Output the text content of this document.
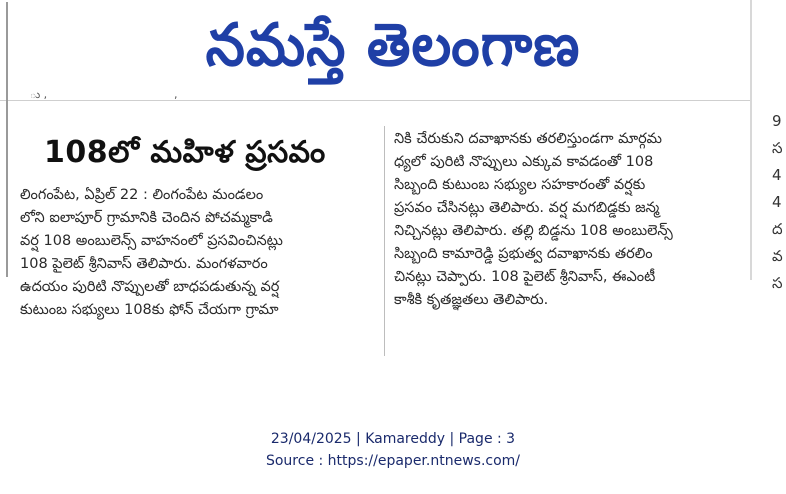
నమస్తే తెలంగాణ
ు ,	,
108లో మహిళ ప్రసవం
లింగంపేట, ఏప్రిల్ 22 : లింగంపేట మండలం
లోని ఐలాపూర్ గ్రామానికి చెందిన పోచమ్మకాడి
వర్ష 108 అంబులెన్స్ వాహనంలో ప్రసవించినట్లు
108 పైలెట్ శ్రీనివాస్ తెలిపారు. మంగళవారం
ఉదయం పురిటి నొప్పులతో బాధపడుతున్న వర్ష
కుటుంబ సభ్యులు 108కు ఫోన్ చేయగా గ్రామా
నికి చేరుకుని దవాఖానకు తరలిస్తుండగా మార్గమ
ధ్యలో పురిటి నొప్పులు ఎక్కువ కావడంతో 108
సిబ్బంది కుటుంబ సభ్యుల సహకారంతో వర్షకు
ప్రసవం చేసినట్లు తెలిపారు. వర్ష మగబిడ్డకు జన్మ
నిచ్చినట్లు తెలిపారు. తల్లి బిడ్డను 108 అంబులెన్స్
సిబ్బంది కామారెడ్డి ప్రభుత్వ దవాఖానకు తరలిం
చినట్లు చెప్పారు. 108 పైలెట్ శ్రీనివాస్, ఈఎంటీ
కాశీకి కృతజ్ఞతలు తెలిపారు.
9
స
4
4
ద
వ
స
23/04/2025 | Kamareddy | Page : 3
Source : https://epaper.ntnews.com/
